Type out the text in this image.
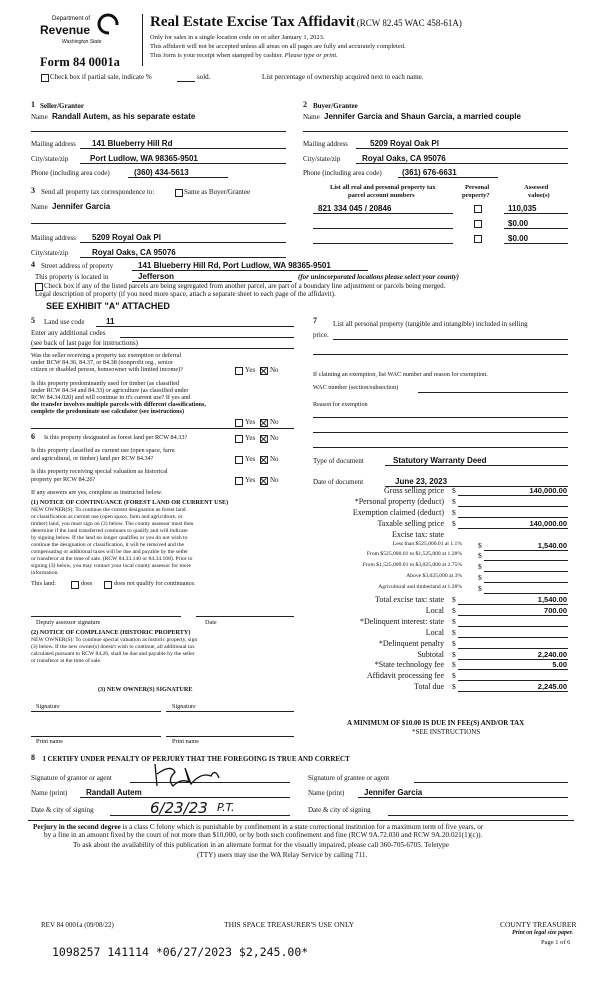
Department of
Revenue
Washington State
Form 84 0001a
Real Estate Excise Tax Affidavit (RCW 82.45 WAC 458-61A)
Only for sales in a single location code on or after January 1, 2023.
This affidavit will not be accepted unless all areas on all pages are fully and accurately completed.
This form is your receipt when stamped by cashier. Please type or print.
Check box if partial sale, indicate %	sold.	List percentage of ownership acquired next to each name.
1 Seller/Grantor
Name Randall Autem, as his separate estate
Mailing address 141 Blueberry Hill Rd
City/state/zip	Port Ludlow, WA 98365-9501
Phone (including area code)	(360) 434-5613
2 Buyer/Grantee
Name Jennifer Garcia and Shaun Garcia, a married couple
Mailing address	5209 Royal Oak Pl
City/state/zip	Royal Oaks, CA 95076
Phone (including area code)	(361) 676-6631
3 Send all property tax correspondence to:	Same as Buyer/Grantee
Name Jennifer Garcia
Mailing address 5209 Royal Oak Pl
City/state/zip	Royal Oaks, CA 95076
List all real and personal property tax
parcel account numbers
Personal
property?
Assessed
value(s)
821 334 045 / 20846	110,035
$0.00
$0.00
4 Street address of property	141 Blueberry Hill Rd, Port Ludlow, WA 98365-9501
This property is located in	Jefferson	(for unincorporated locations please select your county)
Check box if any of the listed parcels are being segregated from another parcel, are part of a boundary line adjustment or parcels being merged.
Legal description of property (if you need more space, attach a separate sheet to each page of the affidavit).
SEE EXHIBIT "A" ATTACHED
5 Land use code	11
Enter any additional codes
(see back of last page for instructions)
Was the seller receiving a property tax exemption or deferral
under RCW 84.36, 84.37, or 84.38 (nonprofit org., senior
citizen or disabled person, homeowner with limited income)?	Yes No
Is this property predominantly used for timber (as classified
under RCW 84.34 and 84.33) or agriculture (as classified under
RCW 84.34.020) and will continue in it's current use? If yes and
the transfer involves multiple parcels with different classifications,
complete the predominate use calculator (see instructions)
Yes No
6 Is this property designated as forest land per RCW 84.33?	Yes No
Is this property classified as current use (open space, farm
and agricultural, or timber) land per RCW 84.34?	Yes No
Is this property receiving special valuation as historical
property per RCW 84.26?	Yes No
If any answers are yes, complete as instructed below.
(1) NOTICE OF CONTINUANCE (FOREST LAND OR CURRENT USE)
NEW OWNER(S): To continue the current designation as forest land
or classification as current use (open space, farm and agriculture, or
timber) land, you must sign on (3) below. The county assessor must then
determine if the land transferred continues to qualify and will indicate
by signing below. If the land no longer qualifies or you do not wish to
continue the designation or classification, it will be removed and the
compensating or additional taxes will be due and payable by the seller
or transferor at the time of sale. (RCW 84.33.140 or 84.34.108). Prior to
signing (3) below, you may contact your local county assessor for more
information.
This land:	does	does not qualify for continuance.
Deputy assessor signature	Date
(2) NOTICE OF COMPLIANCE (HISTORIC PROPERTY)
NEW OWNER(S): To continue special valuation as historic property, sign
(3) below. If the new owner(s) doesn't wish to continue, all additional tax
calculated pursuant to RCW 84.26, shall be due and payable by the seller
or transferor at the time of sale.
(3) NEW OWNER(S) SIGNATURE
Signature	Signature
Print name	Print name
7 List all personal property (tangible and intangible) included in selling
price.
If claiming an exemption, list WAC number and reason for exemption.
WAC number (section/subsection)
Reason for exemption
Type of document	Statutory Warranty Deed
Date of document	June 23, 2023
Gross selling price $	140,000.00
*Personal property (deduct) $
Exemption claimed (deduct) $
Taxable selling price $	140,000.00
Excise tax: state
Less than $525,000.01 at 1.1% $	1,540.00
From $525,000.01 to $1,525,000 at 1.28% $
From $1,525,000.01 to $3,025,000 at 2.75% $
Above $3,025,000 at 3% $
Agricultural and timberland at 1.28% $
Total excise tax: state $	1,540.00
Local $	700.00
*Delinquent interest: state $
Local $
*Delinquent penalty $
Subtotal $	2,240.00
*State technology fee $	5.00
Affidavit processing fee $
Total due $	2,245.00
A MINIMUM OF $10.00 IS DUE IN FEE(S) AND/OR TAX
*SEE INSTRUCTIONS
8 I CERTIFY UNDER PENALTY OF PERJURY THAT THE FOREGOING IS TRUE AND CORRECT
Signature of grantor or agent	Signature of grantee or agent
Name (print) Randall Autem	Name (print) Jennifer Garcia
Date & city of signing	6/23/23 P.T.	Date & city of signing
Perjury in the second degree is a class C felony which is punishable by confinement in a state correctional institution for a maximum term of five years, or
by a fine in an amount fixed by the court of not more than $10,000, or by both such confinement and fine (RCW 9A.72.030 and RCW 9A.20.021(1)(c)).
To ask about the availability of this publication in an alternate format for the visually impaired, please call 360-705-6705. Teletype
(TTY) users may use the WA Relay Service by calling 711.
REV 84 0001a (09/08/22)	THIS SPACE TREASURER'S USE ONLY	COUNTY TREASURER
Print on legal size paper.
Page 1 of 6
1098257 141114 *06/27/2023 $2,245.00*
